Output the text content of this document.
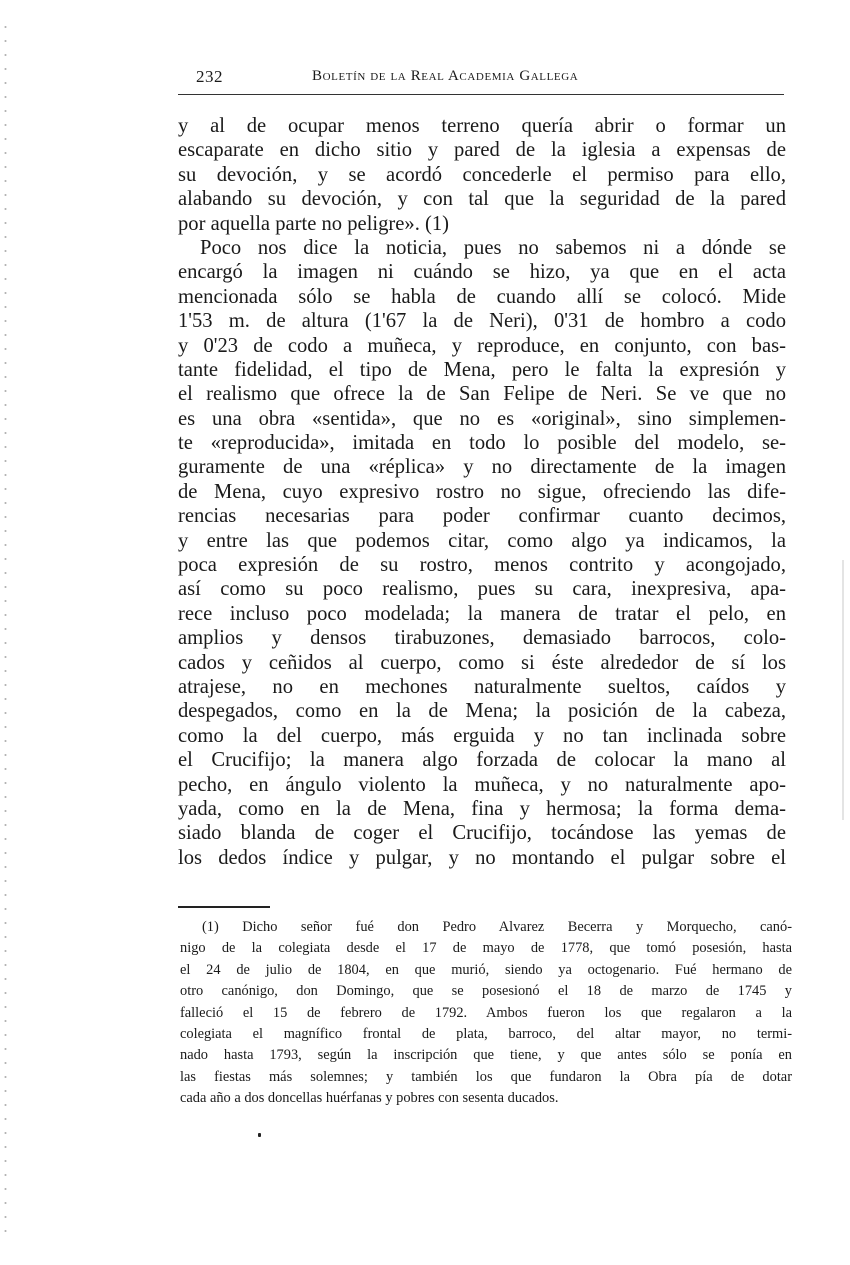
232	Boletín de la Real Academia Gallega
y al de ocupar menos terreno quería abrir o formar un
escaparate en dicho sitio y pared de la iglesia a expensas de
su devoción, y se acordó concederle el permiso para ello,
alabando su devoción, y con tal que la seguridad de la pared
por aquella parte no peligre». (1)
Poco nos dice la noticia, pues no sabemos ni a dónde se
encargó la imagen ni cuándo se hizo, ya que en el acta
mencionada sólo se habla de cuando allí se colocó. Mide
1'53 m. de altura (1'67 la de Neri), 0'31 de hombro a codo
y 0'23 de codo a muñeca, y reproduce, en conjunto, con bas-
tante fidelidad, el tipo de Mena, pero le falta la expresión y
el realismo que ofrece la de San Felipe de Neri. Se ve que no
es una obra «sentida», que no es «original», sino simplemen-
te «reproducida», imitada en todo lo posible del modelo, se-
guramente de una «réplica» y no directamente de la imagen
de Mena, cuyo expresivo rostro no sigue, ofreciendo las dife-
rencias necesarias para poder confirmar cuanto decimos,
y entre las que podemos citar, como algo ya indicamos, la
poca expresión de su rostro, menos contrito y acongojado,
así como su poco realismo, pues su cara, inexpresiva, apa-
rece incluso poco modelada; la manera de tratar el pelo, en
amplios y densos tirabuzones, demasiado barrocos, colo-
cados y ceñidos al cuerpo, como si éste alrededor de sí los
atrajese, no en mechones naturalmente sueltos, caídos y
despegados, como en la de Mena; la posición de la cabeza,
como la del cuerpo, más erguida y no tan inclinada sobre
el Crucifijo; la manera algo forzada de colocar la mano al
pecho, en ángulo violento la muñeca, y no naturalmente apo-
yada, como en la de Mena, fina y hermosa; la forma dema-
siado blanda de coger el Crucifijo, tocándose las yemas de
los dedos índice y pulgar, y no montando el pulgar sobre el
(1) Dicho señor fué don Pedro Alvarez Becerra y Morquecho, canó-
nigo de la colegiata desde el 17 de mayo de 1778, que tomó posesión, hasta
el 24 de julio de 1804, en que murió, siendo ya octogenario. Fué hermano de
otro canónigo, don Domingo, que se posesionó el 18 de marzo de 1745 y
falleció el 15 de febrero de 1792. Ambos fueron los que regalaron a la
colegiata el magnífico frontal de plata, barroco, del altar mayor, no termi-
nado hasta 1793, según la inscripción que tiene, y que antes sólo se ponía en
las fiestas más solemnes; y también los que fundaron la Obra pía de dotar
cada año a dos doncellas huérfanas y pobres con sesenta ducados.
